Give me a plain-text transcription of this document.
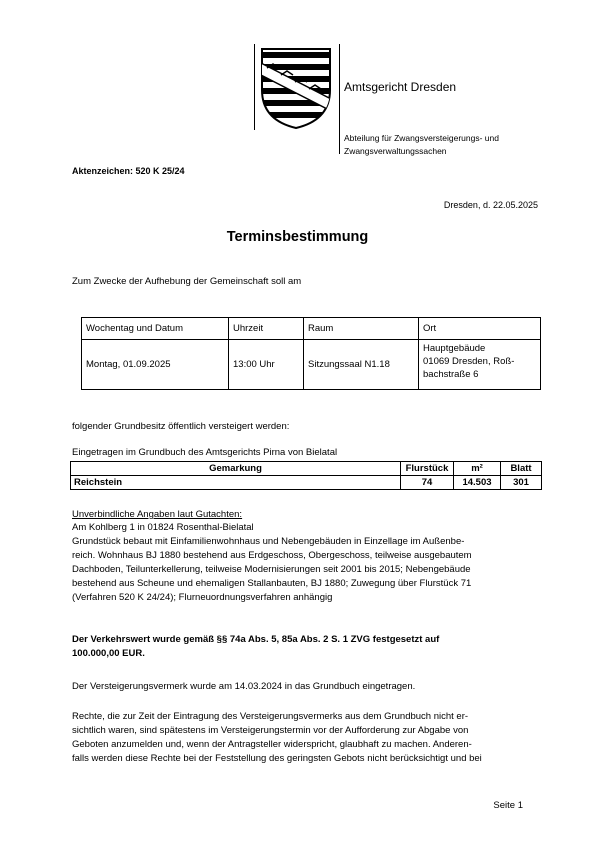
Amtsgericht Dresden
Abteilung für Zwangsversteigerungs- und
Zwangsverwaltungssachen
Aktenzeichen: 520 K 25/24
Dresden, d. 22.05.2025
Terminsbestimmung
Zum Zwecke der Aufhebung der Gemeinschaft soll am
Wochentag und Datum	Uhrzeit	Raum	Ort
Montag, 01.09.2025	13:00 Uhr	Sitzungssaal N1.18	Hauptgebäude
01069 Dresden, Roß-
bachstraße 6
folgender Grundbesitz öffentlich versteigert werden:
Eingetragen im Grundbuch des Amtsgerichts Pirna von Bielatal
Gemarkung	Flurstück	m²	Blatt
Reichstein	74	14.503	301
Unverbindliche Angaben laut Gutachten:
Am Kohlberg 1 in 01824 Rosenthal-Bielatal
Grundstück bebaut mit Einfamilienwohnhaus und Nebengebäuden in Einzellage im Außenbe-
reich. Wohnhaus BJ 1880 bestehend aus Erdgeschoss, Obergeschoss, teilweise ausgebautem
Dachboden, Teilunterkellerung, teilweise Modernisierungen seit 2001 bis 2015; Nebengebäude
bestehend aus Scheune und ehemaligen Stallanbauten, BJ 1880; Zuwegung über Flurstück 71
(Verfahren 520 K 24/24); Flurneuordnungsverfahren anhängig
Der Verkehrswert wurde gemäß §§ 74a Abs. 5, 85a Abs. 2 S. 1 ZVG festgesetzt auf
100.000,00 EUR.
Der Versteigerungsvermerk wurde am 14.03.2024 in das Grundbuch eingetragen.
Rechte, die zur Zeit der Eintragung des Versteigerungsvermerks aus dem Grundbuch nicht er-
sichtlich waren, sind spätestens im Versteigerungstermin vor der Aufforderung zur Abgabe von
Geboten anzumelden und, wenn der Antragsteller widerspricht, glaubhaft zu machen. Anderen-
falls werden diese Rechte bei der Feststellung des geringsten Gebots nicht berücksichtigt und bei
Seite 1
